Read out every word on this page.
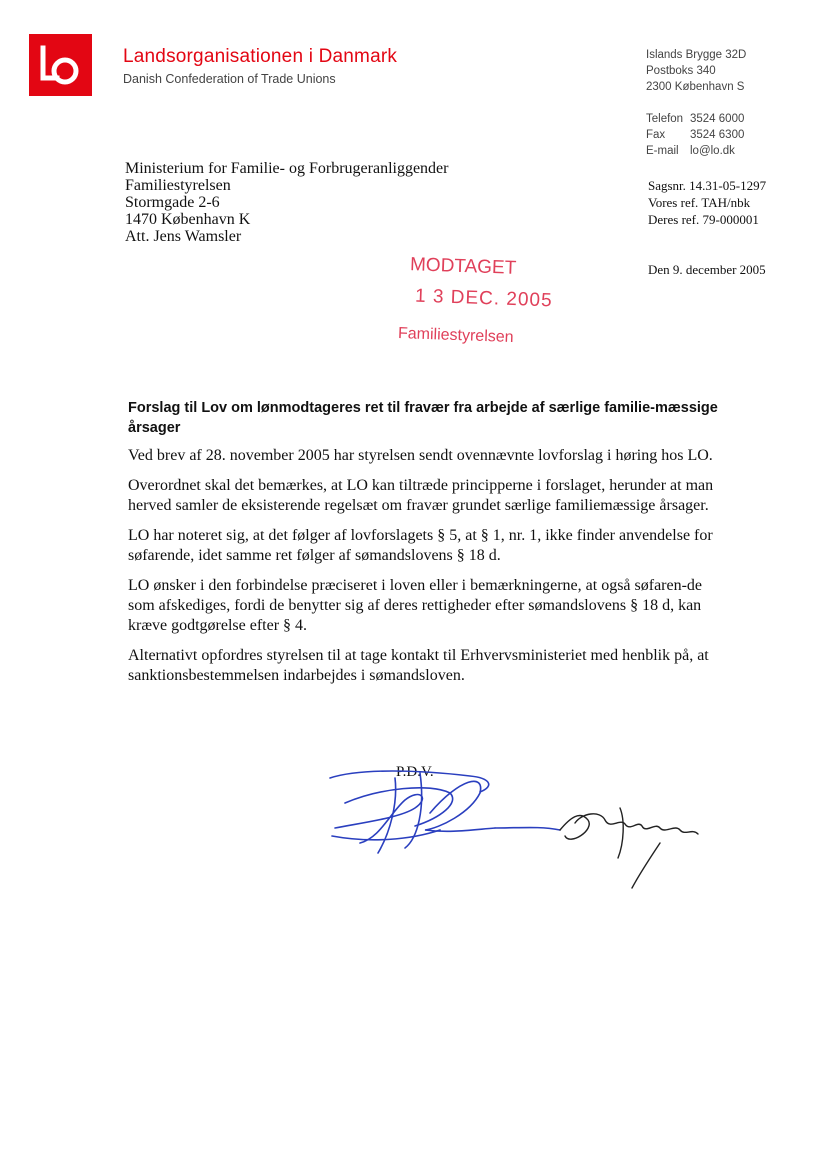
Landsorganisationen i Danmark
Danish Confederation of Trade Unions
Islands Brygge 32D
Postboks 340
2300 København S
Telefon 3524 6000
Fax 3524 6300
E-mail lo@lo.dk
Ministerium for Familie- og Forbrugeranliggender
Familiestyrelsen
Stormgade 2-6
1470 København K
Att. Jens Wamsler
Sagsnr. 14.31-05-1297
Vores ref. TAH/nbk
Deres ref. 79-000001
Den 9. december 2005
MODTAGET
1 3 DEC. 2005
Familiestyrelsen
Forslag til Lov om lønmodtageres ret til fravær fra arbejde af særlige familie-mæssige årsager

Ved brev af 28. november 2005 har styrelsen sendt ovennævnte lovforslag i høring hos LO.

Overordnet skal det bemærkes, at LO kan tiltræde principperne i forslaget, herunder at man herved samler de eksisterende regelsæt om fravær grundet særlige familiemæssige årsager.

LO har noteret sig, at det følger af lovforslagets § 5, at § 1, nr. 1, ikke finder anvendelse for søfarende, idet samme ret følger af sømandslovens § 18 d.

LO ønsker i den forbindelse præciseret i loven eller i bemærkningerne, at også søfaren-de som afskediges, fordi de benytter sig af deres rettigheder efter sømandslovens § 18 d, kan kræve godtgørelse efter § 4.

Alternativt opfordres styrelsen til at tage kontakt til Erhvervsministeriet med henblik på, at sanktionsbestemmelsen indarbejdes i sømandsloven.

P.D.V.
